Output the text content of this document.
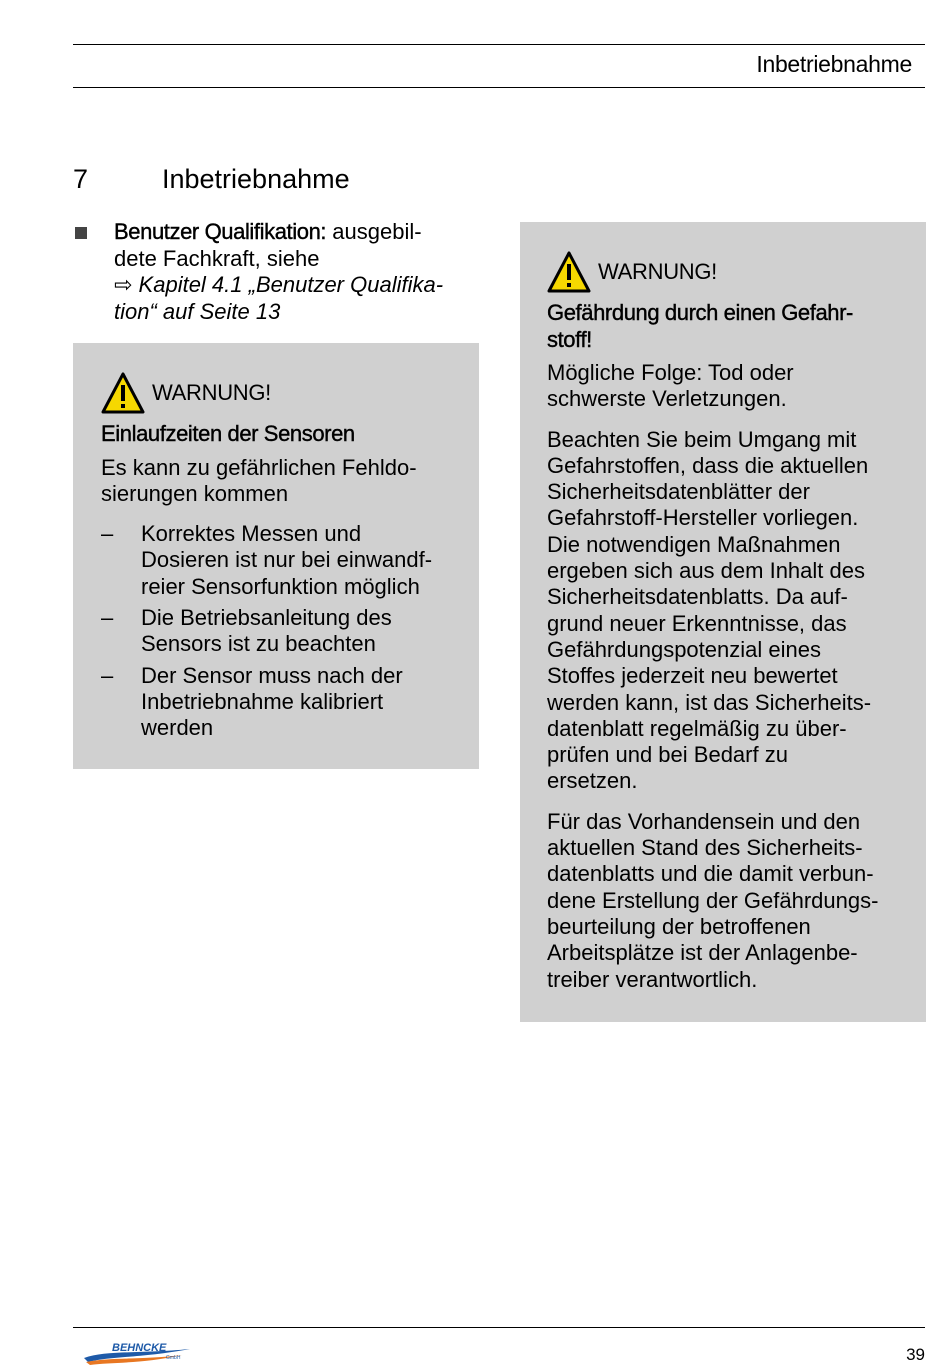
Inbetriebnahme
7	Inbetriebnahme
Benutzer Qualifikation: ausgebil-
dete Fachkraft, siehe
⇨ Kapitel 4.1 „Benutzer Qualifika-
tion“ auf Seite 13
WARNUNG!
Einlaufzeiten der Sensoren
Es kann zu gefährlichen Fehldo-
sierungen kommen
– Korrektes Messen und
Dosieren ist nur bei einwandf-
reier Sensorfunktion möglich
– Die Betriebsanleitung des
Sensors ist zu beachten
– Der Sensor muss nach der
Inbetriebnahme kalibriert
werden
WARNUNG!
Gefährdung durch einen Gefahr-
stoff!
Mögliche Folge: Tod oder
schwerste Verletzungen.
Beachten Sie beim Umgang mit
Gefahrstoffen, dass die aktuellen
Sicherheitsdatenblätter der
Gefahrstoff-Hersteller vorliegen.
Die notwendigen Maßnahmen
ergeben sich aus dem Inhalt des
Sicherheitsdatenblatts. Da auf-
grund neuer Erkenntnisse, das
Gefährdungspotenzial eines
Stoffes jederzeit neu bewertet
werden kann, ist das Sicherheits-
datenblatt regelmäßig zu über-
prüfen und bei Bedarf zu
ersetzen.
Für das Vorhandensein und den
aktuellen Stand des Sicherheits-
datenblatts und die damit verbun-
dene Erstellung der Gefährdungs-
beurteilung der betroffenen
Arbeitsplätze ist der Anlagenbe-
treiber verantwortlich.
BEHNCKE
GmbH	39
